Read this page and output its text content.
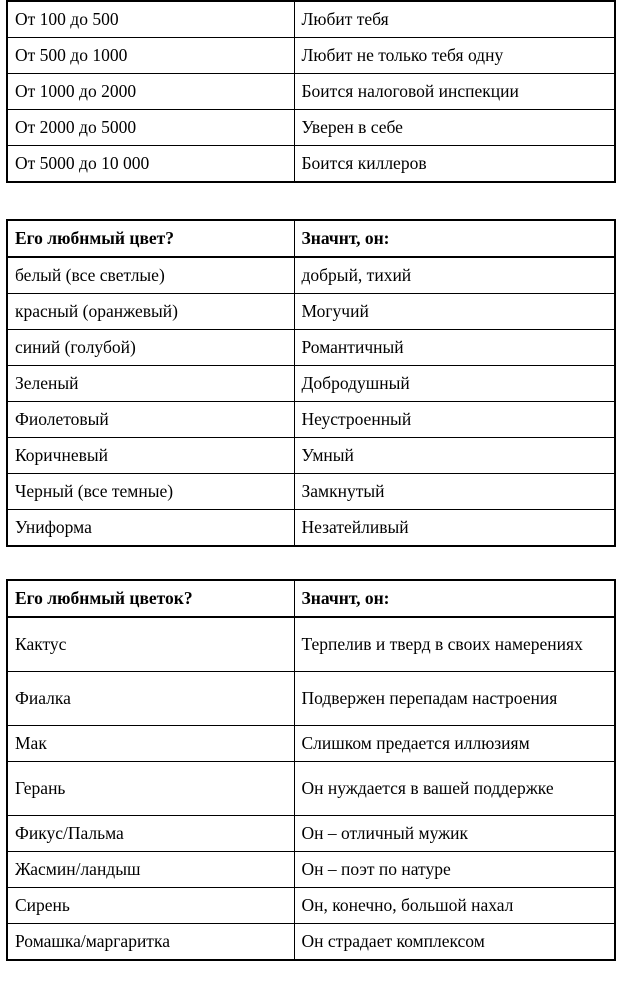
От 100 до 500	Любит тебя
От 500 до 1000	Любит не только тебя одну
От 1000 до 2000	Боится налоговой инспекции
От 2000 до 5000	Уверен в себе
От 5000 до 10 000	Боится киллеров
Его любнмый цвет?	Значнт, он:
белый (все светлые)	добрый, тихий
красный (оранжевый)	Могучий
синий (голубой)	Романтичный
Зеленый	Добродушный
Фиолетовый	Неустроенный
Коричневый	Умный
Черный (все темные)	Замкнутый
Униформа	Незатейливый
Его любнмый цветок?	Значнт, он:
Кактус	Терпелив и тверд в своих намерениях
Фиалка	Подвержен перепадам настроения
Мак	Слишком предается иллюзиям
Герань	Он нуждается в вашей поддержке
Фикус/Пальма	Он – отличный мужик
Жасмин/ландыш	Он – поэт по натуре
Сирень	Он, конечно, большой нахал
Ромашка/маргаритка	Он страдает комплексом
